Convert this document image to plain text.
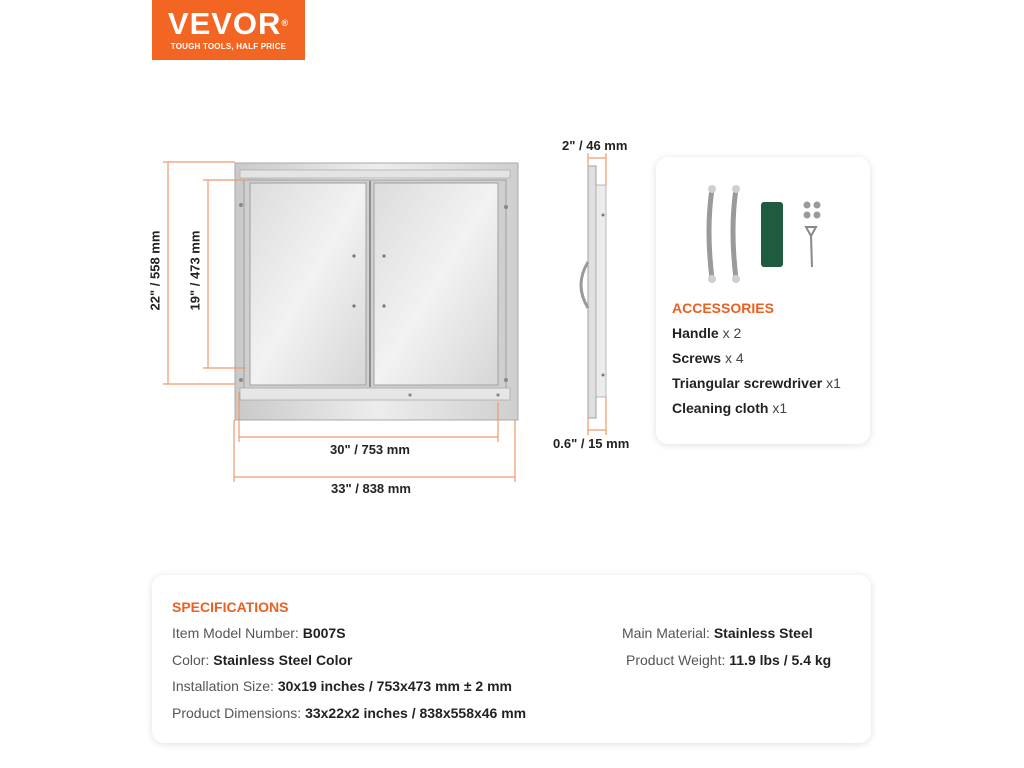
VEVOR®
TOUGH TOOLS, HALF PRICE
22" / 558 mm 19" / 473 mm
30" / 753 mm
33" / 838 mm
2" / 46 mm
0.6" / 15 mm
ACCESSORIES
Handle x 2
Screws x 4
Triangular screwdriver x1
Cleaning cloth x1
SPECIFICATIONS
Item Model Number: B007S
Color: Stainless Steel Color
Installation Size: 30x19 inches / 753x473 mm ± 2 mm
Product Dimensions: 33x22x2 inches / 838x558x46 mm
Main Material: Stainless Steel
Product Weight: 11.9 lbs / 5.4 kg
